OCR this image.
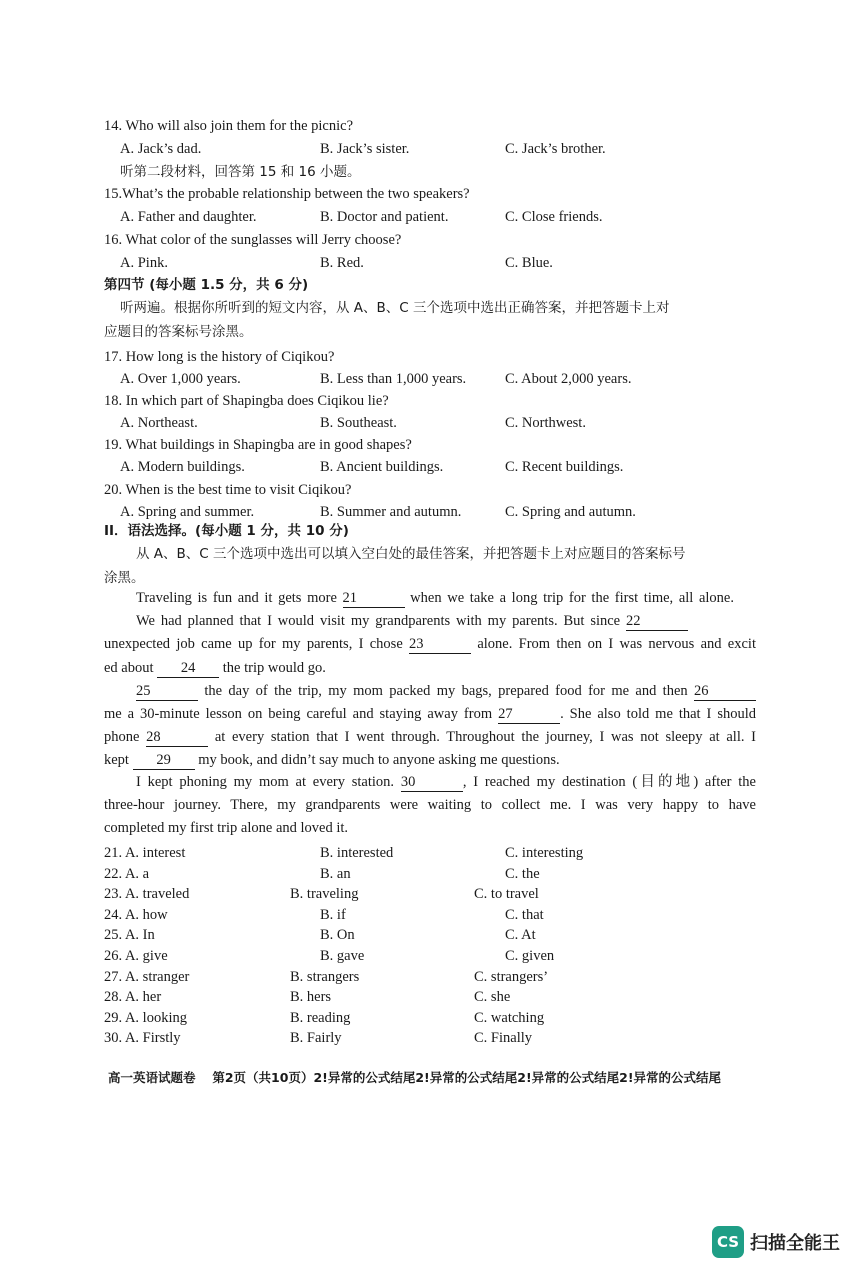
14. Who will also join them for the picnic?
A. Jack’s dad.	B. Jack’s sister.	C. Jack’s brother.
听第二段材料，回答第 15 和 16 小题。
15.What’s the probable relationship between the two speakers?
A. Father and daughter.	B. Doctor and patient.	C. Close friends.
16. What color of the sunglasses will Jerry choose?
A. Pink.	B. Red.	C. Blue.
第四节 (每小题 1.5 分，共 6 分)
听两遍。根据你所听到的短文内容，从 A、B、C 三个选项中选出正确答案，并把答题卡上对
应题目的答案标号涂黑。
17. How long is the history of Ciqikou?
A. Over 1,000 years.	B. Less than 1,000 years.	C. About 2,000 years.
18. In which part of Shapingba does Ciqikou lie?
A. Northeast.	B. Southeast.	C. Northwest.
19. What buildings in Shapingba are in good shapes?
A. Modern buildings.	B. Ancient buildings.	C. Recent buildings.
20. When is the best time to visit Ciqikou?
A. Spring and summer.	B. Summer and autumn.	C. Spring and autumn.
II．语法选择。(每小题 1 分，共 10 分)
从 A、B、C 三个选项中选出可以填入空白处的最佳答案，并把答题卡上对应题目的答案标号
涂黑。
Traveling is fun and it gets more 21	when we take a long trip for the first time, all alone.
We had planned that I would visit my grandparents with my parents. But since 22
unexpected job came up for my parents, I chose 23	alone. From then on I was nervous and excit
ed about 24 the trip would go.
25	the day of the trip, my mom packed my bags, prepared food for me and then 26
me a 30-minute lesson on being careful and staying away from 27	. She also told me that I should
phone 28	at every station that I went through. Throughout the journey, I was not sleepy at all. I
kept 29 my book, and didn’t say much to anyone asking me questions.
I kept phoning my mom at every station. 30	, I reached my destination (目的地) after the
three-hour journey. There, my grandparents were waiting to collect me. I was very happy to have
completed my first trip alone and loved it.
21. A. interest	B. interested	C. interesting
22. A. a	B. an	C. the
23. A. traveled	B. traveling	C. to travel
24. A. how	B. if	C. that
25. A. In	B. On	C. At
26. A. give	B. gave	C. given
27. A. stranger	B. strangers	C. strangers’
28. A. her	B. hers	C. she
29. A. looking	B. reading	C. watching
30. A. Firstly	B. Fairly	C. Finally
高一英语试题卷　 第2页（共10页）2!异常的公式结尾2!异常的公式结尾2!异常的公式结尾2!异常的公式结尾
CS 扫描全能王
